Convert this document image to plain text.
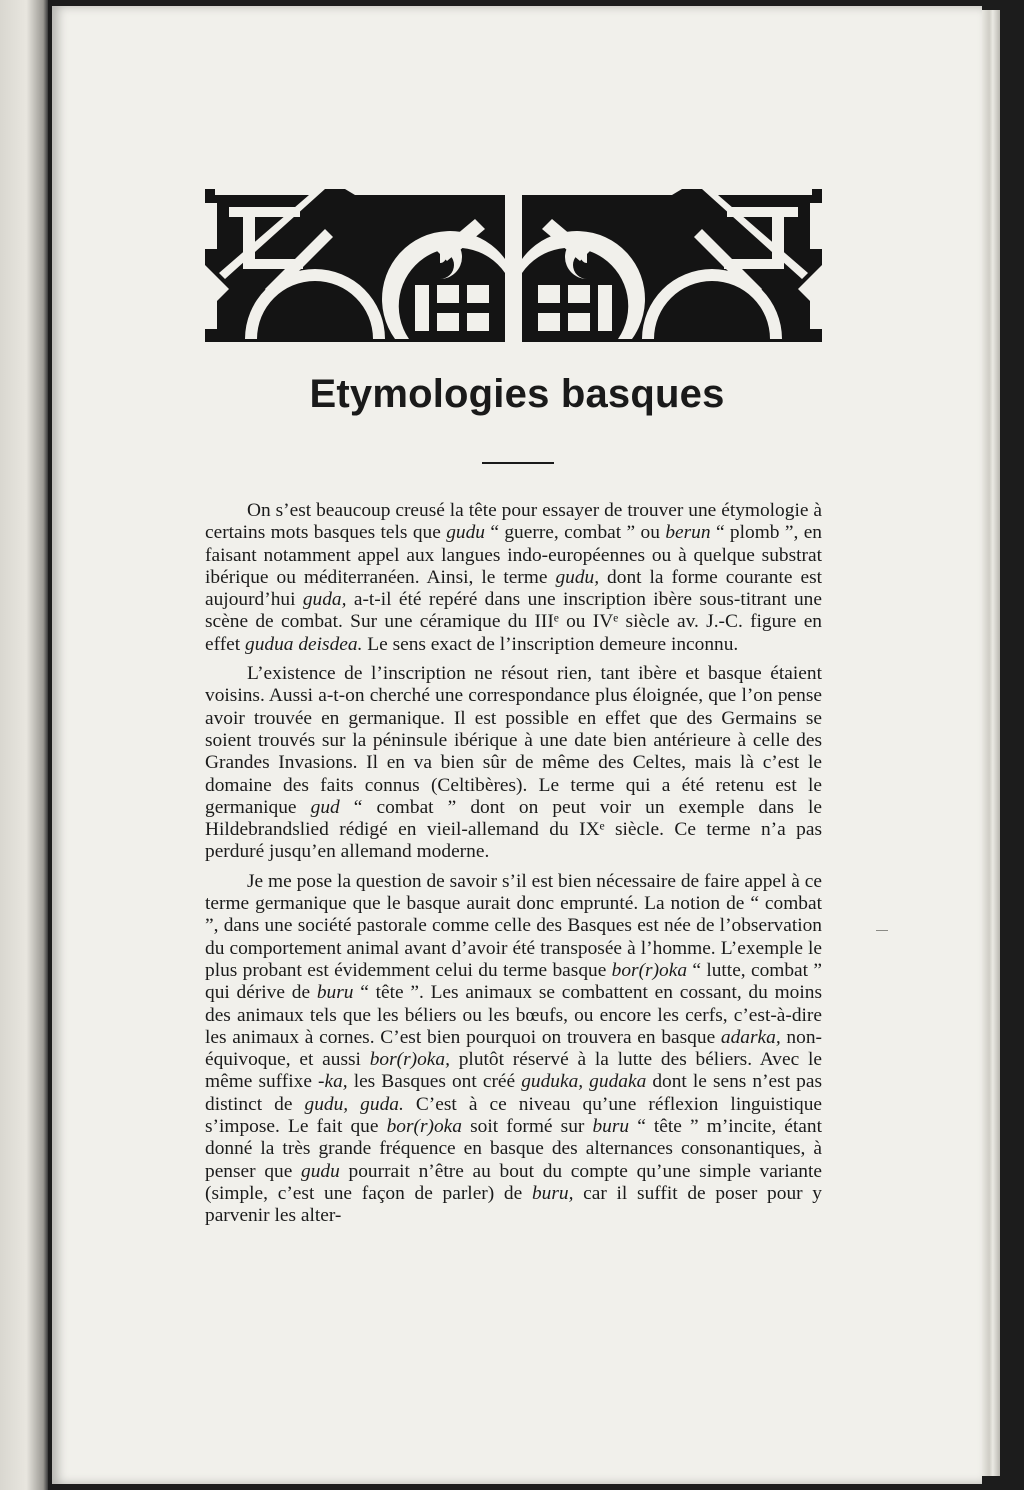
Etymologies basques

On s’est beaucoup creusé la tête pour essayer de trouver une étymologie à certains mots basques tels que gudu “ guerre, combat ” ou berun “ plomb ”, en faisant notamment appel aux langues indo-européennes ou à quelque substrat ibérique ou méditerranéen. Ainsi, le terme gudu, dont la forme courante est aujourd’hui guda, a-t-il été repéré dans une inscription ibère sous-titrant une scène de combat. Sur une céramique du IIIᵉ ou IVᵉ siècle av. J.-C. figure en effet gudua deisdea. Le sens exact de l’inscription demeure inconnu.

L’existence de l’inscription ne résout rien, tant ibère et basque étaient voisins. Aussi a-t-on cherché une correspondance plus éloignée, que l’on pense avoir trouvée en germanique. Il est possible en effet que des Germains se soient trouvés sur la péninsule ibérique à une date bien antérieure à celle des Grandes Invasions. Il en va bien sûr de même des Celtes, mais là c’est le domaine des faits connus (Celtibères). Le terme qui a été retenu est le germanique gud “ combat ” dont on peut voir un exemple dans le Hildebrandslied rédigé en vieil-allemand du IXᵉ siècle. Ce terme n’a pas perduré jusqu’en allemand moderne.

Je me pose la question de savoir s’il est bien nécessaire de faire appel à ce terme germanique que le basque aurait donc emprunté. La notion de “ combat ”, dans une société pastorale comme celle des Basques est née de l’observation du comportement animal avant d’avoir été transposée à l’homme. L’exemple le plus probant est évidemment celui du terme basque bor(r)oka “ lutte, combat ” qui dérive de buru “ tête ”. Les animaux se combattent en cossant, du moins des animaux tels que les béliers ou les bœufs, ou encore les cerfs, c’est-à-dire les animaux à cornes. C’est bien pourquoi on trouvera en basque adarka, non-équivoque, et aussi bor(r)oka, plutôt réservé à la lutte des béliers. Avec le même suffixe -ka, les Basques ont créé guduka, gudaka dont le sens n’est pas distinct de gudu, guda. C’est à ce niveau qu’une réflexion linguistique s’impose. Le fait que bor(r)oka soit formé sur buru “ tête ” m’incite, étant donné la très grande fréquence en basque des alternances consonantiques, à penser que gudu pourrait n’être au bout du compte qu’une simple variante (simple, c’est une façon de parler) de buru, car il suffit de poser pour y parvenir les alter-
